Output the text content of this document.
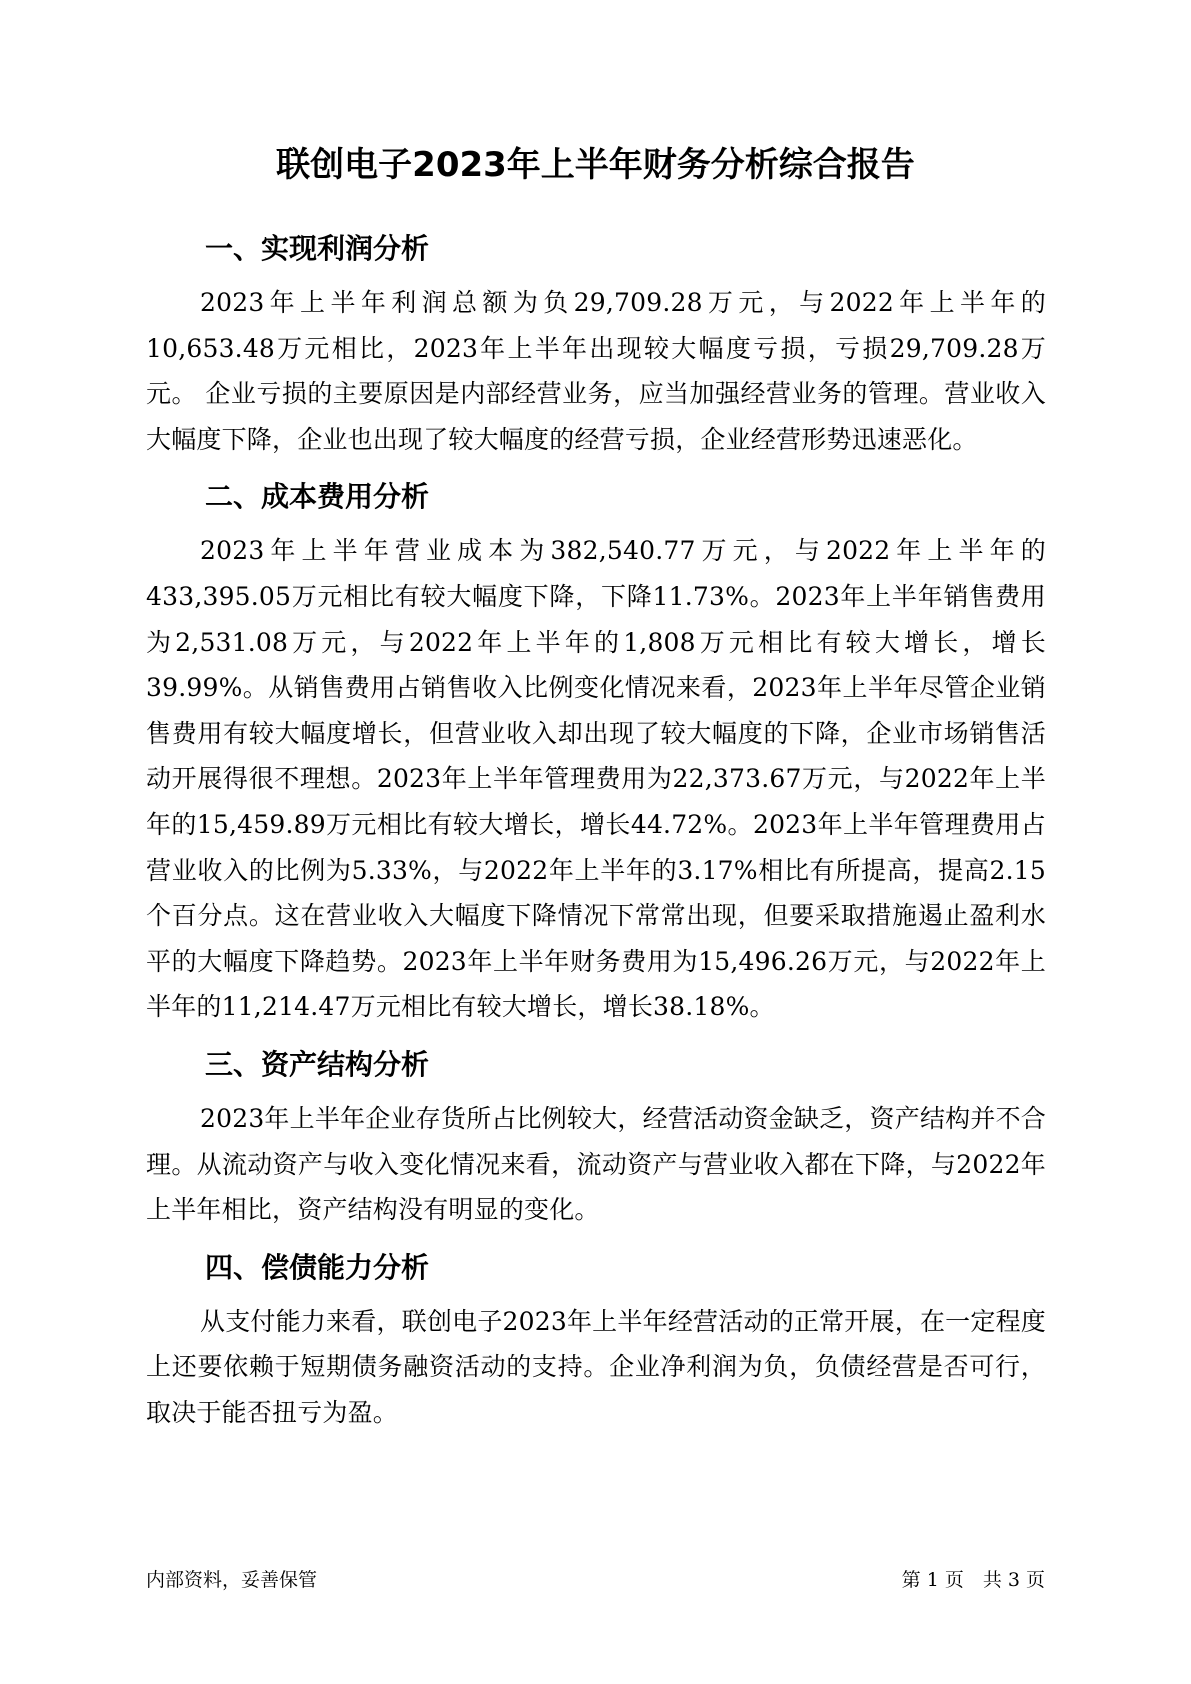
联创电子2023年上半年财务分析综合报告
一、实现利润分析

2023年上半年利润总额为负29,709.28万元，与2022年上半年的10,653.48万元相比，2023年上半年出现较大幅度亏损，亏损29,709.28万元。 企业亏损的主要原因是内部经营业务，应当加强经营业务的管理。营业收入大幅度下降，企业也出现了较大幅度的经营亏损，企业经营形势迅速恶化。

二、成本费用分析

2023年上半年营业成本为382,540.77万元，与2022年上半年的433,395.05万元相比有较大幅度下降，下降11.73%。2023年上半年销售费用为2,531.08万元，与2022年上半年的1,808万元相比有较大增长，增长39.99%。从销售费用占销售收入比例变化情况来看，2023年上半年尽管企业销售费用有较大幅度增长，但营业收入却出现了较大幅度的下降，企业市场销售活动开展得很不理想。2023年上半年管理费用为22,373.67万元，与2022年上半年的15,459.89万元相比有较大增长，增长44.72%。2023年上半年管理费用占营业收入的比例为5.33%，与2022年上半年的3.17%相比有所提高，提高2.15个百分点。这在营业收入大幅度下降情况下常常出现，但要采取措施遏止盈利水平的大幅度下降趋势。2023年上半年财务费用为15,496.26万元，与2022年上半年的11,214.47万元相比有较大增长，增长38.18%。

三、资产结构分析

2023年上半年企业存货所占比例较大，经营活动资金缺乏，资产结构并不合理。从流动资产与收入变化情况来看，流动资产与营业收入都在下降，与2022年上半年相比，资产结构没有明显的变化。

四、偿债能力分析

从支付能力来看，联创电子2023年上半年经营活动的正常开展，在一定程度上还要依赖于短期债务融资活动的支持。企业净利润为负，负债经营是否可行，取决于能否扭亏为盈。

内部资料，妥善保管	第 1 页　共 3 页
